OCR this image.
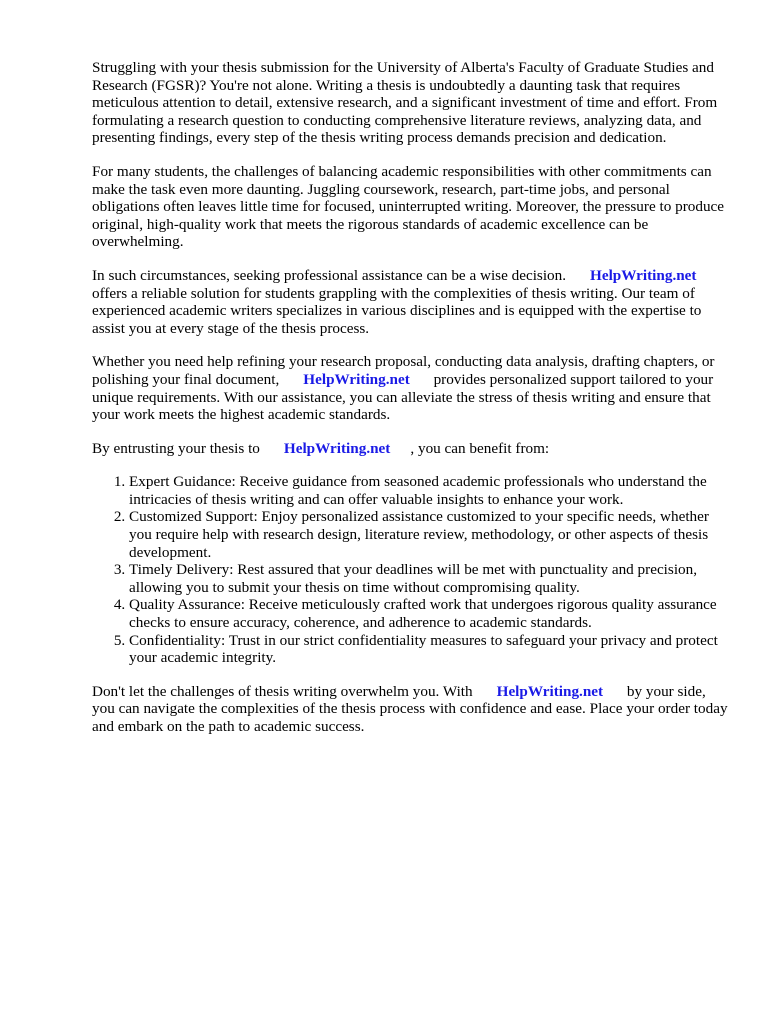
Struggling with your thesis submission for the University of Alberta's Faculty of Graduate Studies and Research (FGSR)? You're not alone. Writing a thesis is undoubtedly a daunting task that requires meticulous attention to detail, extensive research, and a significant investment of time and effort. From formulating a research question to conducting comprehensive literature reviews, analyzing data, and presenting findings, every step of the thesis writing process demands precision and dedication.

For many students, the challenges of balancing academic responsibilities with other commitments can make the task even more daunting. Juggling coursework, research, part-time jobs, and personal obligations often leaves little time for focused, uninterrupted writing. Moreover, the pressure to produce original, high-quality work that meets the rigorous standards of academic excellence can be overwhelming.

In such circumstances, seeking professional assistance can be a wise decision. HelpWriting.net offers a reliable solution for students grappling with the complexities of thesis writing. Our team of experienced academic writers specializes in various disciplines and is equipped with the expertise to assist you at every stage of the thesis process.

Whether you need help refining your research proposal, conducting data analysis, drafting chapters, or polishing your final document, HelpWriting.net provides personalized support tailored to your unique requirements. With our assistance, you can alleviate the stress of thesis writing and ensure that your work meets the highest academic standards.

By entrusting your thesis to HelpWriting.net , you can benefit from:

1. Expert Guidance: Receive guidance from seasoned academic professionals who understand the intricacies of thesis writing and can offer valuable insights to enhance your work.
2. Customized Support: Enjoy personalized assistance customized to your specific needs, whether you require help with research design, literature review, methodology, or other aspects of thesis development.
3. Timely Delivery: Rest assured that your deadlines will be met with punctuality and precision, allowing you to submit your thesis on time without compromising quality.
4. Quality Assurance: Receive meticulously crafted work that undergoes rigorous quality assurance checks to ensure accuracy, coherence, and adherence to academic standards.
5. Confidentiality: Trust in our strict confidentiality measures to safeguard your privacy and protect your academic integrity.

Don't let the challenges of thesis writing overwhelm you. With HelpWriting.net by your side, you can navigate the complexities of the thesis process with confidence and ease. Place your order today and embark on the path to academic success.
